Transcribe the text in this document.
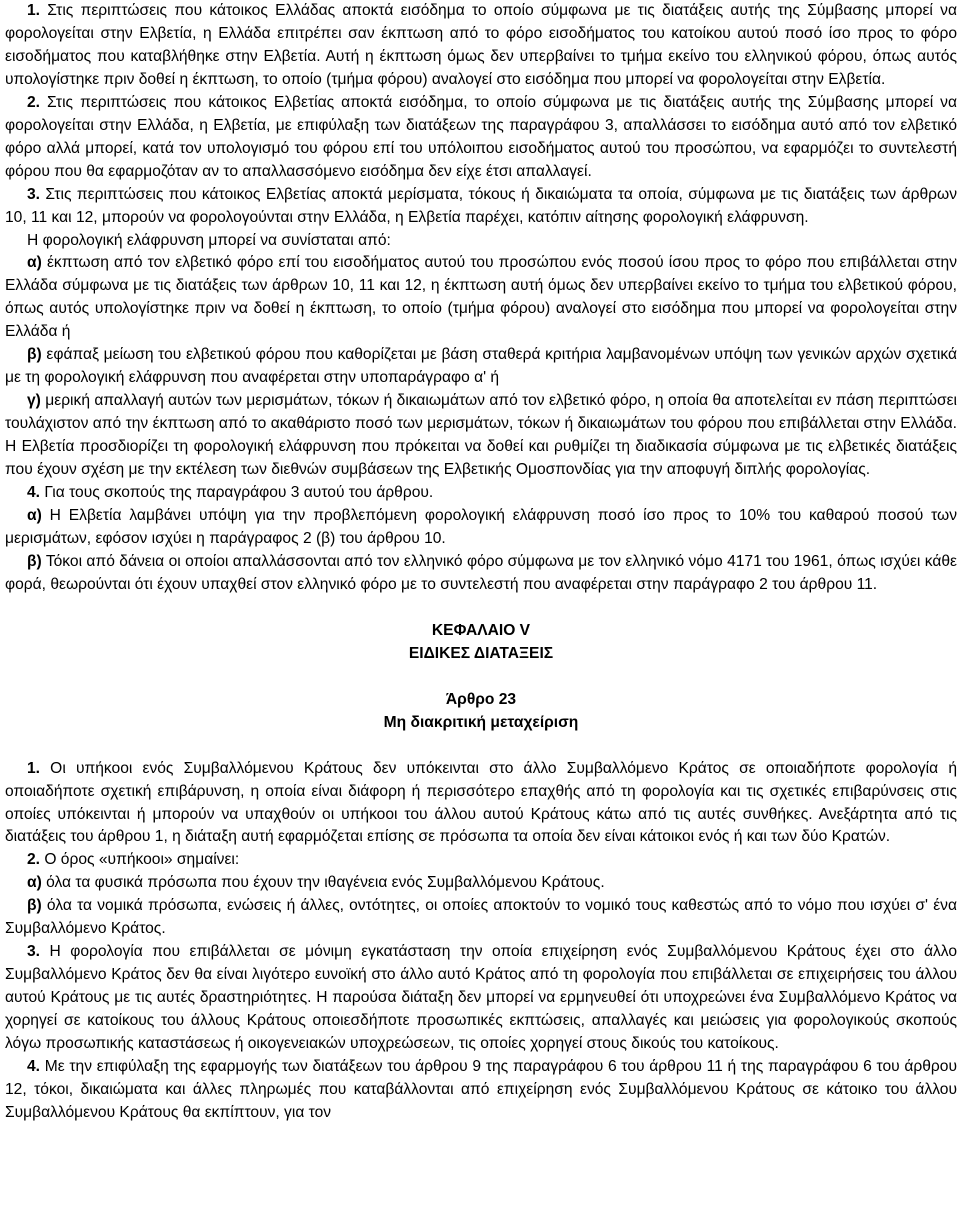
1. Στις περιπτώσεις που κάτοικος Ελλάδας αποκτά εισόδημα το οποίο σύμφωνα με τις διατάξεις αυτής της Σύμβασης μπορεί να φορολογείται στην Ελβετία, η Ελλάδα επιτρέπει σαν έκπτωση από το φόρο εισοδήματος του κατοίκου αυτού ποσό ίσο προς το φόρο εισοδήματος που καταβλήθηκε στην Ελβετία. Αυτή η έκπτωση όμως δεν υπερβαίνει το τμήμα εκείνο του ελληνικού φόρου, όπως αυτός υπολογίστηκε πριν δοθεί η έκπτωση, το οποίο (τμήμα φόρου) αναλογεί στο εισόδημα που μπορεί να φορολογείται στην Ελβετία.

2. Στις περιπτώσεις που κάτοικος Ελβετίας αποκτά εισόδημα, το οποίο σύμφωνα με τις διατάξεις αυτής της Σύμβασης μπορεί να φορολογείται στην Ελλάδα, η Ελβετία, με επιφύλαξη των διατάξεων της παραγράφου 3, απαλλάσσει το εισόδημα αυτό από τον ελβετικό φόρο αλλά μπορεί, κατά τον υπολογισμό του φόρου επί του υπόλοιπου εισοδήματος αυτού του προσώπου, να εφαρμόζει το συντελεστή φόρου που θα εφαρμοζόταν αν το απαλλασσόμενο εισόδημα δεν είχε έτσι απαλλαγεί.

3. Στις περιπτώσεις που κάτοικος Ελβετίας αποκτά μερίσματα, τόκους ή δικαιώματα τα οποία, σύμφωνα με τις διατάξεις των άρθρων 10, 11 και 12, μπορούν να φορολογούνται στην Ελλάδα, η Ελβετία παρέχει, κατόπιν αίτησης φορολογική ελάφρυνση.

Η φορολογική ελάφρυνση μπορεί να συνίσταται από:

α) έκπτωση από τον ελβετικό φόρο επί του εισοδήματος αυτού του προσώπου ενός ποσού ίσου προς το φόρο που επιβάλλεται στην Ελλάδα σύμφωνα με τις διατάξεις των άρθρων 10, 11 και 12, η έκπτωση αυτή όμως δεν υπερβαίνει εκείνο το τμήμα του ελβετικού φόρου, όπως αυτός υπολογίστηκε πριν να δοθεί η έκπτωση, το οποίο (τμήμα φόρου) αναλογεί στο εισόδημα που μπορεί να φορολογείται στην Ελλάδα ή

β) εφάπαξ μείωση του ελβετικού φόρου που καθορίζεται με βάση σταθερά κριτήρια λαμβανομένων υπόψη των γενικών αρχών σχετικά με τη φορολογική ελάφρυνση που αναφέρεται στην υποπαράγραφο α' ή

γ) μερική απαλλαγή αυτών των μερισμάτων, τόκων ή δικαιωμάτων από τον ελβετικό φόρο, η οποία θα αποτελείται εν πάση περιπτώσει τουλάχιστον από την έκπτωση από το ακαθάριστο ποσό των μερισμάτων, τόκων ή δικαιωμάτων του φόρου που επιβάλλεται στην Ελλάδα. Η Ελβετία προσδιορίζει τη φορολογική ελάφρυνση που πρόκειται να δοθεί και ρυθμίζει τη διαδικασία σύμφωνα με τις ελβετικές διατάξεις που έχουν σχέση με την εκτέλεση των διεθνών συμβάσεων της Ελβετικής Ομοσπονδίας για την αποφυγή διπλής φορολογίας.

4. Για τους σκοπούς της παραγράφου 3 αυτού του άρθρου.

α) Η Ελβετία λαμβάνει υπόψη για την προβλεπόμενη φορολογική ελάφρυνση ποσό ίσο προς το 10% του καθαρού ποσού των μερισμάτων, εφόσον ισχύει η παράγραφος 2 (β) του άρθρου 10.

β) Τόκοι από δάνεια οι οποίοι απαλλάσσονται από τον ελληνικό φόρο σύμφωνα με τον ελληνικό νόμο 4171 του 1961, όπως ισχύει κάθε φορά, θεωρούνται ότι έχουν υπαχθεί στον ελληνικό φόρο με το συντελεστή που αναφέρεται στην παράγραφο 2 του άρθρου 11.

ΚΕΦΑΛΑΙΟ V

ΕΙΔΙΚΕΣ ΔΙΑΤΑΞΕΙΣ

Άρθρο 23

Μη διακριτική μεταχείριση

1. Οι υπήκοοι ενός Συμβαλλόμενου Κράτους δεν υπόκεινται στο άλλο Συμβαλλόμενο Κράτος σε οποιαδήποτε φορολογία ή οποιαδήποτε σχετική επιβάρυνση, η οποία είναι διάφορη ή περισσότερο επαχθής από τη φορολογία και τις σχετικές επιβαρύνσεις στις οποίες υπόκεινται ή μπορούν να υπαχθούν οι υπήκοοι του άλλου αυτού Κράτους κάτω από τις αυτές συνθήκες. Ανεξάρτητα από τις διατάξεις του άρθρου 1, η διάταξη αυτή εφαρμόζεται επίσης σε πρόσωπα τα οποία δεν είναι κάτοικοι ενός ή και των δύο Κρατών.

2. Ο όρος «υπήκοοι» σημαίνει:

α) όλα τα φυσικά πρόσωπα που έχουν την ιθαγένεια ενός Συμβαλλόμενου Κράτους.

β) όλα τα νομικά πρόσωπα, ενώσεις ή άλλες, οντότητες, οι οποίες αποκτούν το νομικό τους καθεστώς από το νόμο που ισχύει σ' ένα Συμβαλλόμενο Κράτος.

3. Η φορολογία που επιβάλλεται σε μόνιμη εγκατάσταση την οποία επιχείρηση ενός Συμβαλλόμενου Κράτους έχει στο άλλο Συμβαλλόμενο Κράτος δεν θα είναι λιγότερο ευνοϊκή στο άλλο αυτό Κράτος από τη φορολογία που επιβάλλεται σε επιχειρήσεις του άλλου αυτού Κράτους με τις αυτές δραστηριότητες. Η παρούσα διάταξη δεν μπορεί να ερμηνευθεί ότι υποχρεώνει ένα Συμβαλλόμενο Κράτος να χορηγεί σε κατοίκους του άλλους Κράτους οποιεσδήποτε προσωπικές εκπτώσεις, απαλλαγές και μειώσεις για φορολογικούς σκοπούς λόγω προσωπικής καταστάσεως ή οικογενειακών υποχρεώσεων, τις οποίες χορηγεί στους δικούς του κατοίκους.

4. Με την επιφύλαξη της εφαρμογής των διατάξεων του άρθρου 9 της παραγράφου 6 του άρθρου 11 ή της παραγράφου 6 του άρθρου 12, τόκοι, δικαιώματα και άλλες πληρωμές που καταβάλλονται από επιχείρηση ενός Συμβαλλόμενου Κράτους σε κάτοικο του άλλου Συμβαλλόμενου Κράτους θα εκπίπτουν, για τον
